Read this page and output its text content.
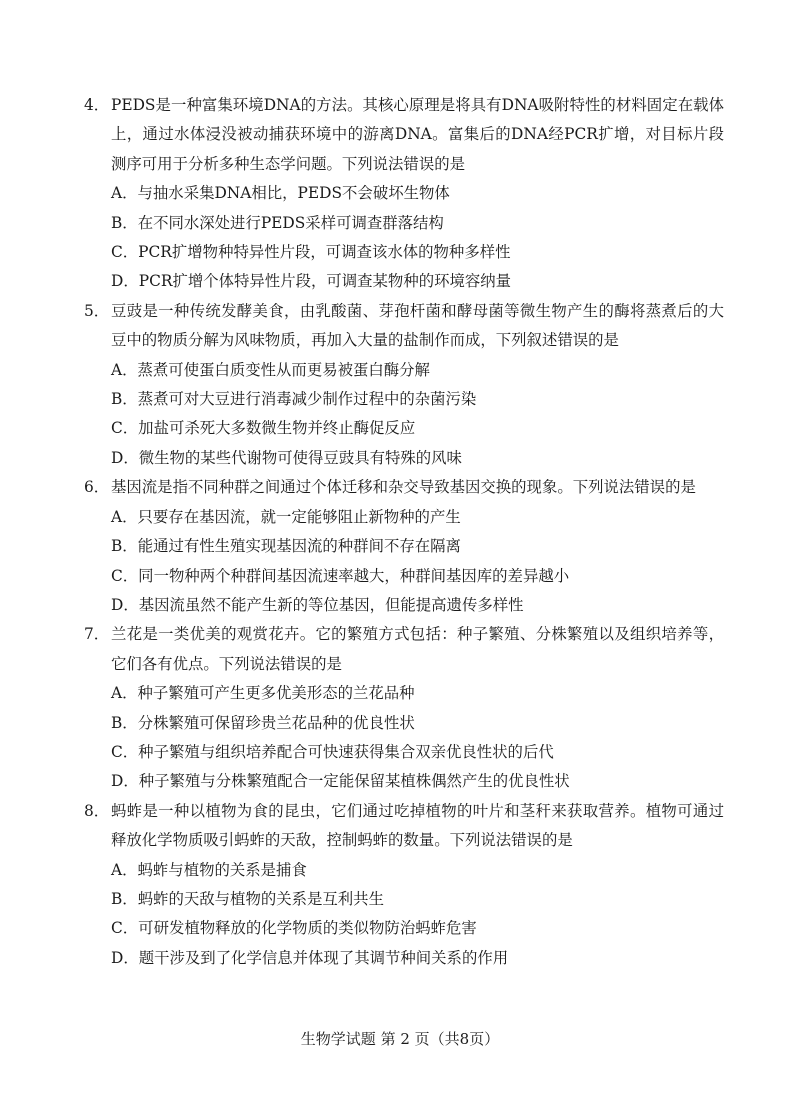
4． PEDS是一种富集环境DNA的方法。其核心原理是将具有DNA吸附特性的材料固定在载体上，通过水体浸没被动捕获环境中的游离DNA。富集后的DNA经PCR扩增，对目标片段测序可用于分析多种生态学问题。下列说法错误的是
A． 与抽水采集DNA相比，PEDS不会破坏生物体
B． 在不同水深处进行PEDS采样可调查群落结构
C． PCR扩增物种特异性片段，可调查该水体的物种多样性
D． PCR扩增个体特异性片段，可调查某物种的环境容纳量
5． 豆豉是一种传统发酵美食，由乳酸菌、芽孢杆菌和酵母菌等微生物产生的酶将蒸煮后的大豆中的物质分解为风味物质，再加入大量的盐制作而成，下列叙述错误的是
A． 蒸煮可使蛋白质变性从而更易被蛋白酶分解
B． 蒸煮可对大豆进行消毒减少制作过程中的杂菌污染
C． 加盐可杀死大多数微生物并终止酶促反应
D． 微生物的某些代谢物可使得豆豉具有特殊的风味
6． 基因流是指不同种群之间通过个体迁移和杂交导致基因交换的现象。下列说法错误的是
A． 只要存在基因流，就一定能够阻止新物种的产生
B． 能通过有性生殖实现基因流的种群间不存在隔离
C． 同一物种两个种群间基因流速率越大，种群间基因库的差异越小
D． 基因流虽然不能产生新的等位基因，但能提高遗传多样性
7． 兰花是一类优美的观赏花卉。它的繁殖方式包括：种子繁殖、分株繁殖以及组织培养等，它们各有优点。下列说法错误的是
A． 种子繁殖可产生更多优美形态的兰花品种
B． 分株繁殖可保留珍贵兰花品种的优良性状
C． 种子繁殖与组织培养配合可快速获得集合双亲优良性状的后代
D． 种子繁殖与分株繁殖配合一定能保留某植株偶然产生的优良性状
8． 蚂蚱是一种以植物为食的昆虫，它们通过吃掉植物的叶片和茎秆来获取营养。植物可通过释放化学物质吸引蚂蚱的天敌，控制蚂蚱的数量。下列说法错误的是
A． 蚂蚱与植物的关系是捕食
B． 蚂蚱的天敌与植物的关系是互利共生
C． 可研发植物释放的化学物质的类似物防治蚂蚱危害
D． 题干涉及到了化学信息并体现了其调节种间关系的作用
生物学试题 第 2 页（共8页）
